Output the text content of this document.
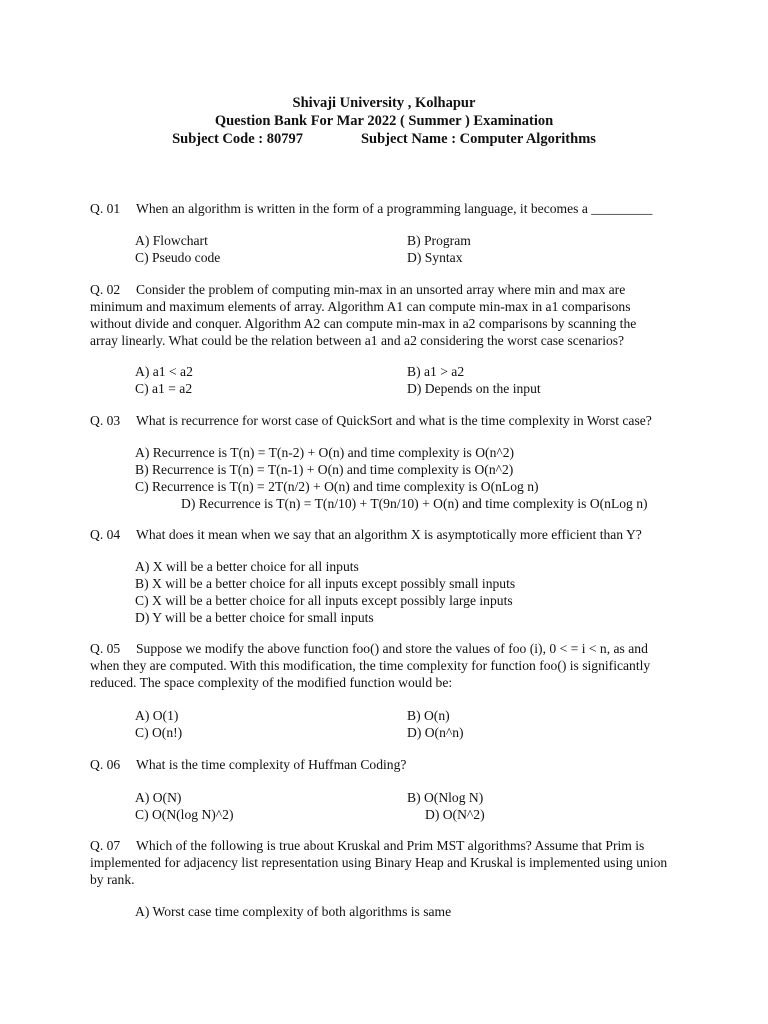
Shivaji University , Kolhapur
Question Bank For Mar 2022 ( Summer ) Examination
Subject Code : 80797	Subject Name : Computer Algorithms
Q. 01 When an algorithm is written in the form of a programming language, it becomes a _________
A) Flowchart	B) Program
C) Pseudo code	D) Syntax
Q. 02 Consider the problem of computing min-max in an unsorted array where min and max are
minimum and maximum elements of array. Algorithm A1 can compute min-max in a1 comparisons
without divide and conquer. Algorithm A2 can compute min-max in a2 comparisons by scanning the
array linearly. What could be the relation between a1 and a2 considering the worst case scenarios?
A) a1 < a2	B) a1 > a2
C) a1 = a2	D) Depends on the input
Q. 03 What is recurrence for worst case of QuickSort and what is the time complexity in Worst case?
A) Recurrence is T(n) = T(n-2) + O(n) and time complexity is O(n^2)
B) Recurrence is T(n) = T(n-1) + O(n) and time complexity is O(n^2)
C) Recurrence is T(n) = 2T(n/2) + O(n) and time complexity is O(nLog n)
D) Recurrence is T(n) = T(n/10) + T(9n/10) + O(n) and time complexity is O(nLog n)
Q. 04 What does it mean when we say that an algorithm X is asymptotically more efficient than Y?
A) X will be a better choice for all inputs
B) X will be a better choice for all inputs except possibly small inputs
C) X will be a better choice for all inputs except possibly large inputs
D) Y will be a better choice for small inputs
Q. 05 Suppose we modify the above function foo() and store the values of foo (i), 0 < = i < n, as and
when they are computed. With this modification, the time complexity for function foo() is significantly
reduced. The space complexity of the modified function would be:
A) O(1)	B) O(n)
C) O(n!)	D) O(n^n)
Q. 06 What is the time complexity of Huffman Coding?
A) O(N)	B) O(Nlog N)
C) O(N(log N)^2)	D) O(N^2)
Q. 07 Which of the following is true about Kruskal and Prim MST algorithms? Assume that Prim is
implemented for adjacency list representation using Binary Heap and Kruskal is implemented using union
by rank.
A) Worst case time complexity of both algorithms is same
